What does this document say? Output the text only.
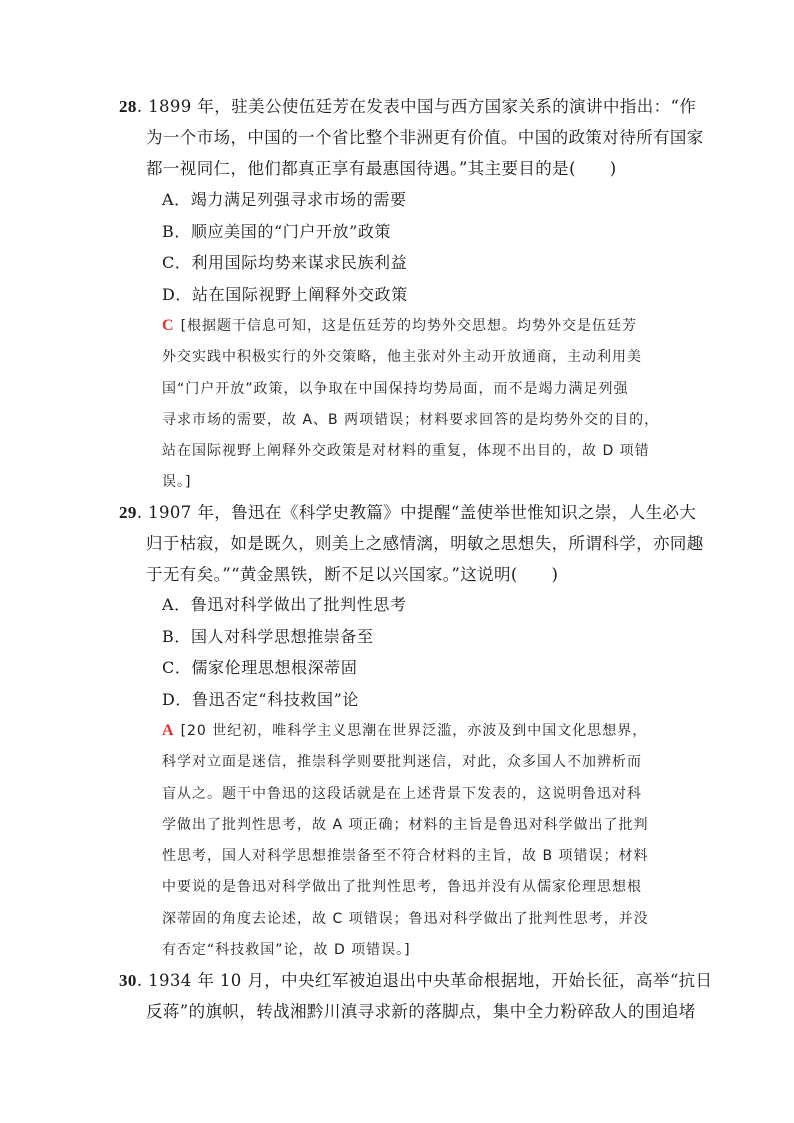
28. 1899 年，驻美公使伍廷芳在发表中国与西方国家关系的演讲中指出：“作
为一个市场，中国的一个省比整个非洲更有价值。中国的政策对待所有国家
都一视同仁，他们都真正享有最惠国待遇。”其主要目的是(　　)
A．竭力满足列强寻求市场的需要
B．顺应美国的“门户开放”政策
C．利用国际均势来谋求民族利益
D．站在国际视野上阐释外交政策
C [根据题干信息可知，这是伍廷芳的均势外交思想。均势外交是伍廷芳
外交实践中积极实行的外交策略，他主张对外主动开放通商，主动利用美
国“门户开放”政策，以争取在中国保持均势局面，而不是竭力满足列强
寻求市场的需要，故 A、B 两项错误；材料要求回答的是均势外交的目的，
站在国际视野上阐释外交政策是对材料的重复，体现不出目的，故 D 项错
误。]
29. 1907 年，鲁迅在《科学史教篇》中提醒“盖使举世惟知识之崇，人生必大
归于枯寂，如是既久，则美上之感情漓，明敏之思想失，所谓科学，亦同趣
于无有矣。”“黄金黑铁，断不足以兴国家。”这说明(　　)
A．鲁迅对科学做出了批判性思考
B．国人对科学思想推崇备至
C．儒家伦理思想根深蒂固
D．鲁迅否定“科技救国”论
A [20 世纪初，唯科学主义思潮在世界泛滥，亦波及到中国文化思想界，
科学对立面是迷信，推崇科学则要批判迷信，对此，众多国人不加辨析而
盲从之。题干中鲁迅的这段话就是在上述背景下发表的，这说明鲁迅对科
学做出了批判性思考，故 A 项正确；材料的主旨是鲁迅对科学做出了批判
性思考，国人对科学思想推崇备至不符合材料的主旨，故 B 项错误；材料
中要说的是鲁迅对科学做出了批判性思考，鲁迅并没有从儒家伦理思想根
深蒂固的角度去论述，故 C 项错误；鲁迅对科学做出了批判性思考，并没
有否定“科技救国”论，故 D 项错误。]
30. 1934 年 10 月，中央红军被迫退出中央革命根据地，开始长征，高举“抗日
反蒋”的旗帜，转战湘黔川滇寻求新的落脚点，集中全力粉碎敌人的围追堵
